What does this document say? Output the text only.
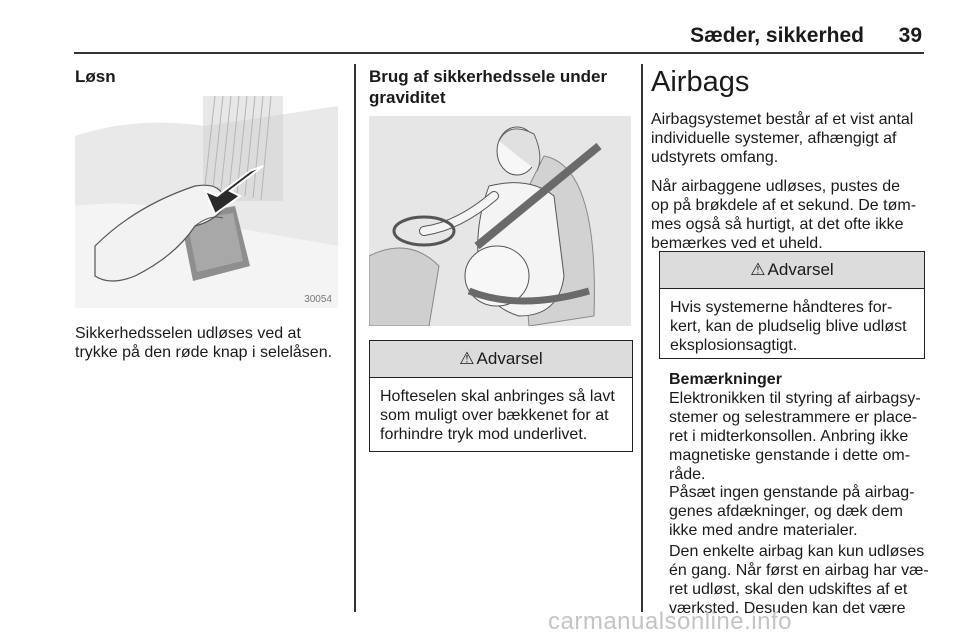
Sæder, sikkerhed 39
Løsn
30054
Sikkerhedsselen udløses ved at
trykke på den røde knap i selelåsen.
Brug af sikkerhedssele under
graviditet
⚠ Advarsel
Hofteselen skal anbringes så lavt
som muligt over bækkenet for at
forhindre tryk mod underlivet.
Airbags
Airbagsystemet består af et vist antal
individuelle systemer, afhængigt af
udstyrets omfang.
Når airbaggene udløses, pustes de
op på brøkdele af et sekund. De tøm-
mes også så hurtigt, at det ofte ikke
bemærkes ved et uheld.
⚠ Advarsel
Hvis systemerne håndteres for-
kert, kan de pludselig blive udløst
eksplosionsagtigt.
Bemærkninger
Elektronikken til styring af airbagsy-
stemer og selestrammere er place-
ret i midterkonsollen. Anbring ikke
magnetiske genstande i dette om-
råde.
Påsæt ingen genstande på airbag-
genes afdækninger, og dæk dem
ikke med andre materialer.
Den enkelte airbag kan kun udløses
én gang. Når først en airbag har væ-
ret udløst, skal den udskiftes af et
værksted. Desuden kan det være
carmanualsonline.info
